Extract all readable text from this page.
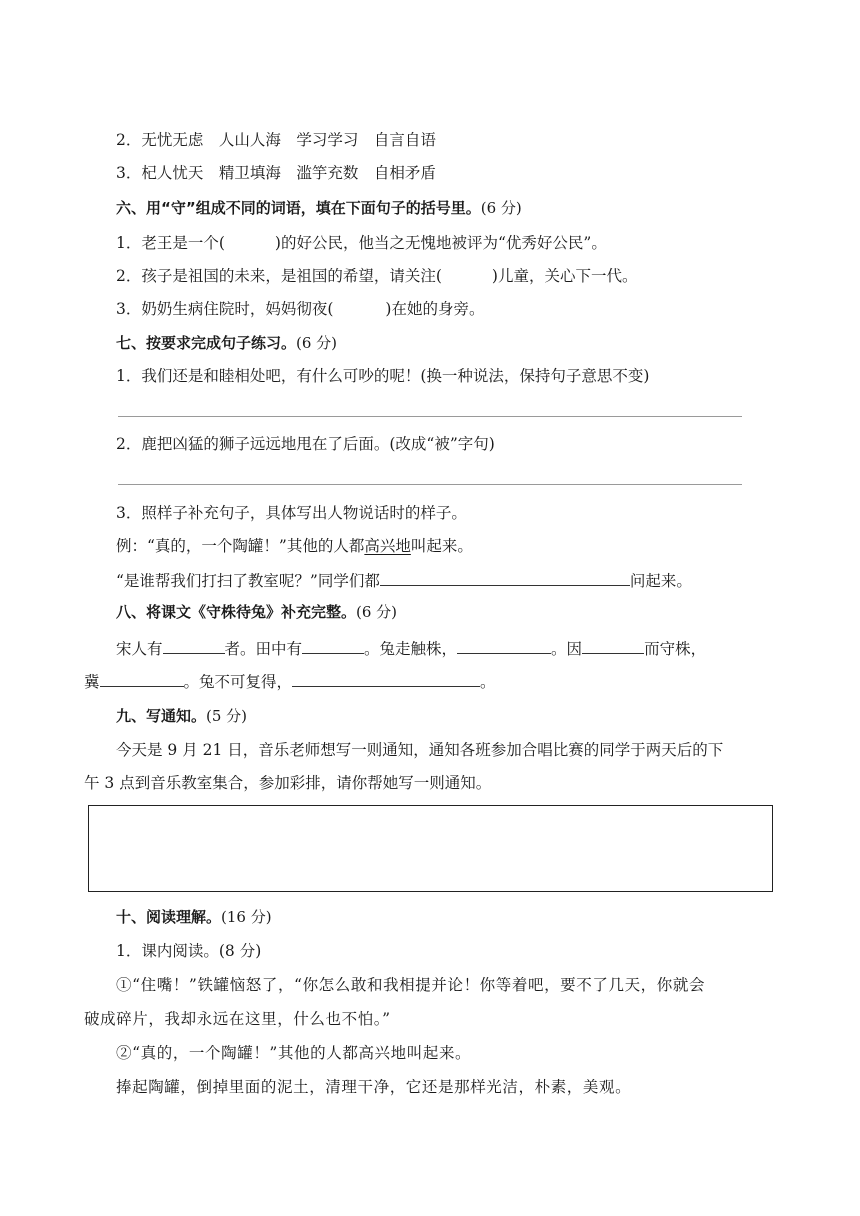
2．无忧无虑　人山人海　学习学习　自言自语
3．杞人忧天　精卫填海　滥竽充数　自相矛盾
六、用“守”组成不同的词语，填在下面句子的括号里。(6 分)
1．老王是一个(	)的好公民，他当之无愧地被评为“优秀好公民”。
2．孩子是祖国的未来，是祖国的希望，请关注(	)儿童，关心下一代。
3．奶奶生病住院时，妈妈彻夜(	)在她的身旁。
七、按要求完成句子练习。(6 分)
1．我们还是和睦相处吧，有什么可吵的呢！(换一种说法，保持句子意思不变)
2．鹿把凶猛的狮子远远地甩在了后面。(改成“被”字句)
3．照样子补充句子，具体写出人物说话时的样子。
例：“真的，一个陶罐！”其他的人都高兴地叫起来。
“是谁帮我们打扫了教室呢？”同学们都	问起来。
八、将课文《守株待兔》补充完整。(6 分)
宋人有	者。田中有	。兔走触株，	。因	而守株，
冀	。兔不可复得，	。
九、写通知。(5 分)
今天是 9 月 21 日，音乐老师想写一则通知，通知各班参加合唱比赛的同学于两天后的下
午 3 点到音乐教室集合，参加彩排，请你帮她写一则通知。
十、阅读理解。(16 分)
1．课内阅读。(8 分)
①“住嘴！”铁罐恼怒了，“你怎么敢和我相提并论！你等着吧，要不了几天，你就会
破成碎片，我却永远在这里，什么也不怕。”
②“真的，一个陶罐！”其他的人都高兴地叫起来。
捧起陶罐，倒掉里面的泥土，清理干净，它还是那样光洁，朴素，美观。
